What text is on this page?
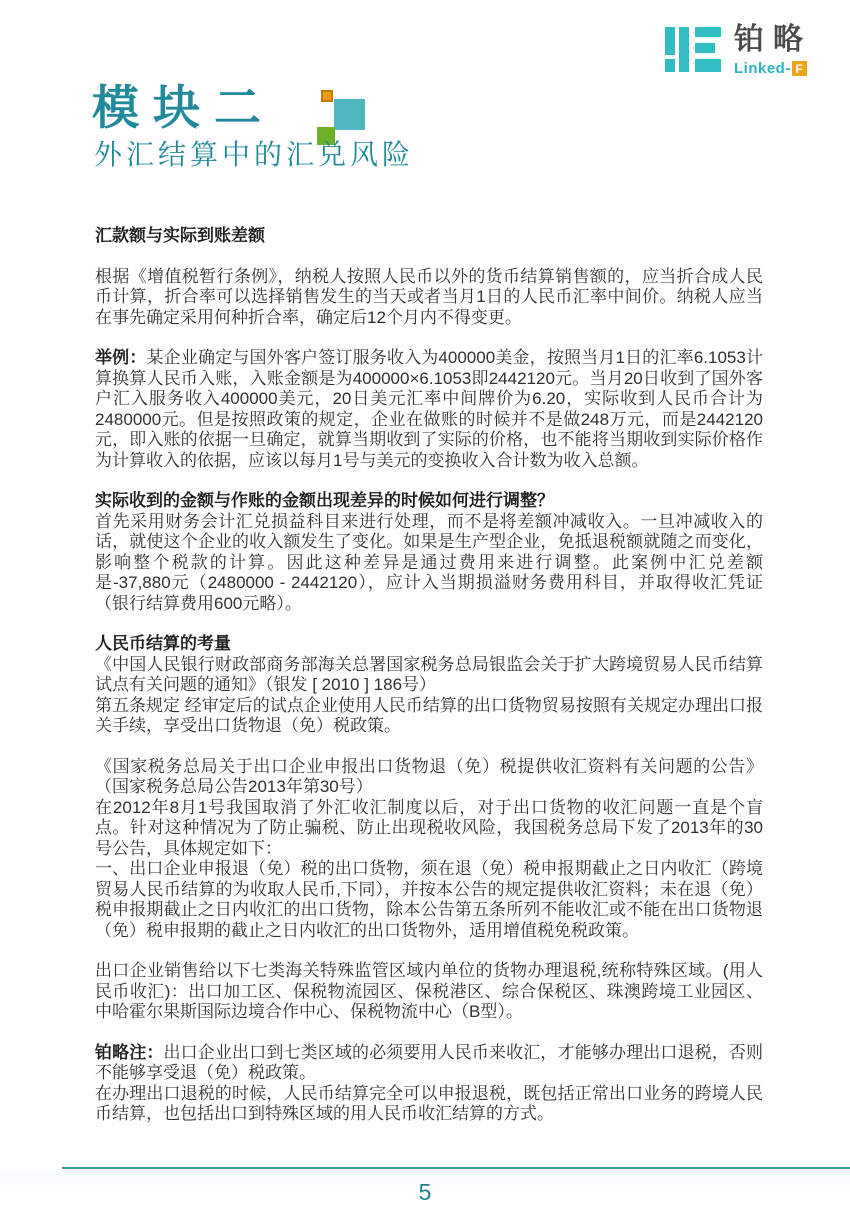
铂略
Linked- F
模块二
外汇结算中的汇兑风险

汇款额与实际到账差额

根据《增值税暂行条例》，纳税人按照人民币以外的货币结算销售额的，应当折合成人民币计算，折合率可以选择销售发生的当天或者当月1日的人民币汇率中间价。纳税人应当在事先确定采用何种折合率，确定后12个月内不得变更。

举例：某企业确定与国外客户签订服务收入为400000美金，按照当月1日的汇率6.1053计算换算人民币入账，入账金额是为400000×6.1053即2442120元。当月20日收到了国外客户汇入服务收入400000美元，20日美元汇率中间牌价为6.20，实际收到人民币合计为2480000元。但是按照政策的规定，企业在做账的时候并不是做248万元，而是2442120元，即入账的依据一旦确定，就算当期收到了实际的价格，也不能将当期收到实际价格作为计算收入的依据，应该以每月1号与美元的变换收入合计数为收入总额。

实际收到的金额与作账的金额出现差异的时候如何进行调整？

首先采用财务会计汇兑损益科目来进行处理，而不是将差额冲减收入。一旦冲减收入的话，就使这个企业的收入额发生了变化。如果是生产型企业，免抵退税额就随之而变化，影响整个税款的计算。因此这种差异是通过费用来进行调整。此案例中汇兑差额是-37,880元（2480000 - 2442120），应计入当期损溢财务费用科目，并取得收汇凭证（银行结算费用600元略）。

人民币结算的考量

《中国人民银行财政部商务部海关总署国家税务总局银监会关于扩大跨境贸易人民币结算试点有关问题的通知》（银发 [ 2010 ] 186号）

第五条规定 经审定后的试点企业使用人民币结算的出口货物贸易按照有关规定办理出口报关手续，享受出口货物退（免）税政策。

《国家税务总局关于出口企业申报出口货物退（免）税提供收汇资料有关问题的公告》（国家税务总局公告2013年第30号）

在2012年8月1号我国取消了外汇收汇制度以后，对于出口货物的收汇问题一直是个盲点。针对这种情况为了防止骗税、防止出现税收风险，我国税务总局下发了2013年的30号公告，具体规定如下：

一、出口企业申报退（免）税的出口货物，须在退（免）税申报期截止之日内收汇（跨境贸易人民币结算的为收取人民币,下同），并按本公告的规定提供收汇资料；未在退（免）税申报期截止之日内收汇的出口货物，除本公告第五条所列不能收汇或不能在出口货物退（免）税申报期的截止之日内收汇的出口货物外，适用增值税免税政策。

出口企业销售给以下七类海关特殊监管区域内单位的货物办理退税,统称特殊区域。(用人民币收汇)：出口加工区、保税物流园区、保税港区、综合保税区、珠澳跨境工业园区、中哈霍尔果斯国际边境合作中心、保税物流中心（B型）。

铂略注：出口企业出口到七类区域的必须要用人民币来收汇，才能够办理出口退税，否则不能够享受退（免）税政策。

在办理出口退税的时候，人民币结算完全可以申报退税，既包括正常出口业务的跨境人民币结算，也包括出口到特殊区域的用人民币收汇结算的方式。

5
